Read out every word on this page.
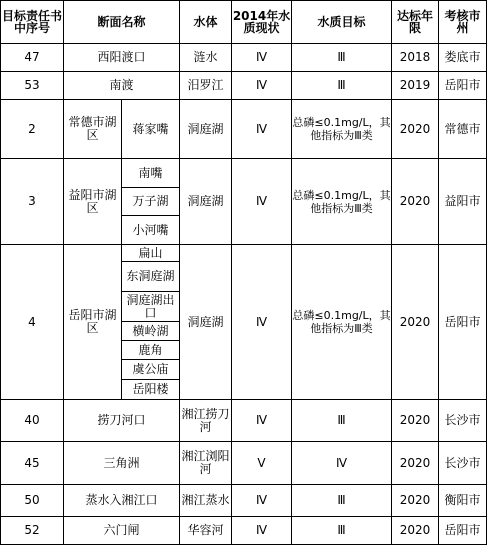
目标责任书中序号	断面名称		水体	2014年水质现状	水质目标	达标年限	考核市州
47	西阳渡口		涟水	Ⅳ	Ⅲ	2018	娄底市
53	南渡		汨罗江	Ⅳ	Ⅲ	2019	岳阳市
2	常德市湖区	蒋家嘴	洞庭湖	Ⅳ	总磷≤0.1mg/L，其他指标为Ⅲ类	2020	常德市
3	益阳市湖区	南嘴	洞庭湖	Ⅳ	总磷≤0.1mg/L，其他指标为Ⅲ类	2020	益阳市
		万子湖					
		小河嘴					
4	岳阳市湖区	扁山	洞庭湖	Ⅳ	总磷≤0.1mg/L，其他指标为Ⅲ类	2020	岳阳市
		东洞庭湖					
		洞庭湖出口					
		横岭湖					
		鹿角					
		虞公庙					
		岳阳楼					
40	捞刀河口		湘江捞刀河	Ⅳ	Ⅲ	2020	长沙市
45	三角洲		湘江浏阳河	Ⅴ	Ⅳ	2020	长沙市
50	蒸水入湘江口		湘江蒸水	Ⅳ	Ⅲ	2020	衡阳市
52	六门闸		华容河	Ⅳ	Ⅲ	2020	岳阳市
